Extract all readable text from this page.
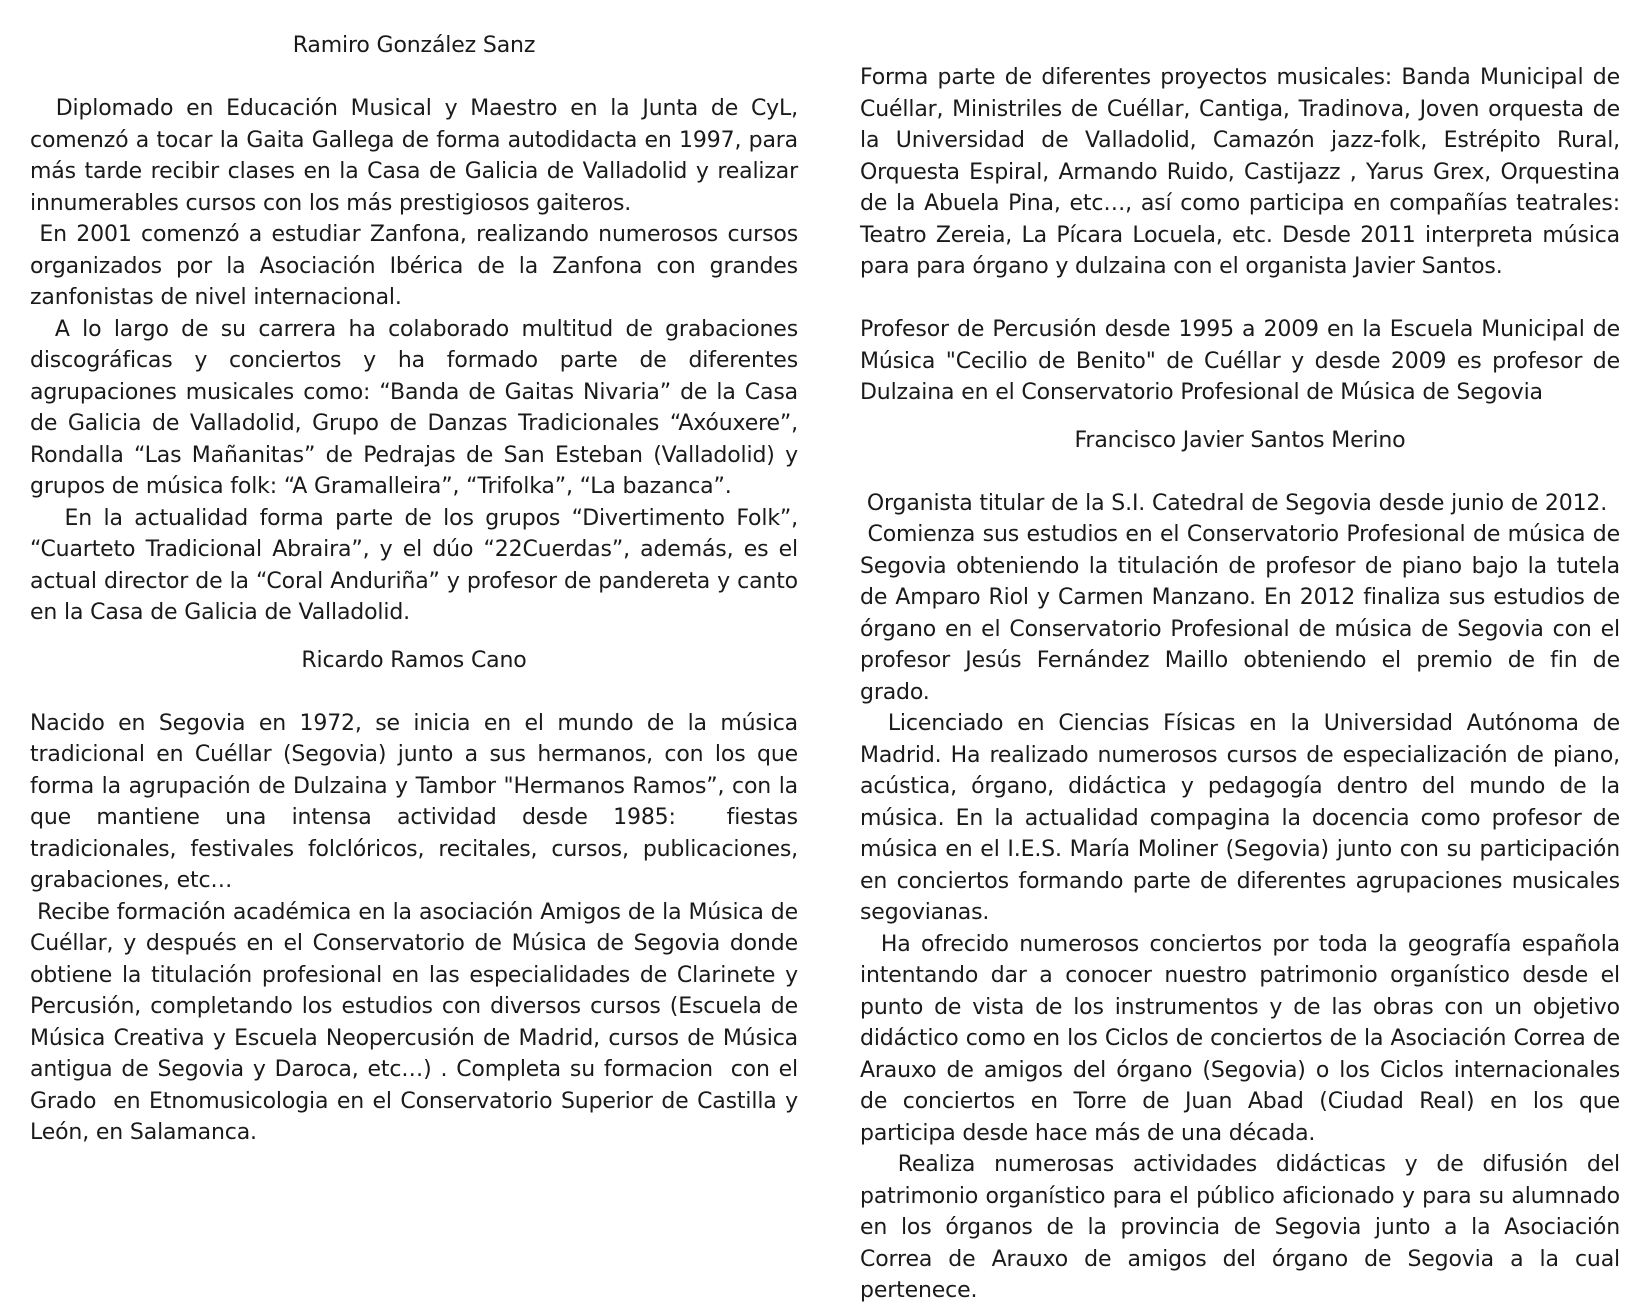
Ramiro González Sanz

Diplomado en Educación Musical y Maestro en la Junta de CyL, comenzó a tocar la Gaita Gallega de forma autodidacta en 1997, para más tarde recibir clases en la Casa de Galicia de Valladolid y realizar innumerables cursos con los más prestigiosos gaiteros.

En 2001 comenzó a estudiar Zanfona, realizando numerosos cursos organizados por la Asociación Ibérica de la Zanfona con grandes zanfonistas de nivel internacional.

A lo largo de su carrera ha colaborado multitud de grabaciones discográficas y conciertos y ha formado parte de diferentes agrupaciones musicales como: “Banda de Gaitas Nivaria” de la Casa de Galicia de Valladolid, Grupo de Danzas Tradicionales “Axóuxere”, Rondalla “Las Mañanitas” de Pedrajas de San Esteban (Valladolid) y grupos de música folk: “A Gramalleira”, “Trifolka”, “La bazanca”.

En la actualidad forma parte de los grupos “Divertimento Folk”, “Cuarteto Tradicional Abraira”, y el dúo “22Cuerdas”, además, es el actual director de la “Coral Anduriña” y profesor de pandereta y canto en la Casa de Galicia de Valladolid.

Ricardo Ramos Cano

Nacido en Segovia en 1972, se inicia en el mundo de la música tradicional en Cuéllar (Segovia) junto a sus hermanos, con los que forma la agrupación de Dulzaina y Tambor "Hermanos Ramos”, con la que mantiene una intensa actividad desde 1985:  fiestas tradicionales, festivales folclóricos, recitales, cursos, publicaciones, grabaciones, etc…

Recibe formación académica en la asociación Amigos de la Música de Cuéllar, y después en el Conservatorio de Música de Segovia donde obtiene la titulación profesional en las especialidades de Clarinete y Percusión, completando los estudios con diversos cursos (Escuela de Música Creativa y Escuela Neopercusión de Madrid, cursos de Música antigua de Segovia y Daroca, etc…) . Completa su formacion  con el Grado  en Etnomusicologia en el Conservatorio Superior de Castilla y León, en Salamanca.

Forma parte de diferentes proyectos musicales: Banda Municipal de Cuéllar, Ministriles de Cuéllar, Cantiga, Tradinova, Joven orquesta de la Universidad de Valladolid, Camazón jazz-folk, Estrépito Rural, Orquesta Espiral, Armando Ruido, Castijazz , Yarus Grex, Orquestina de la Abuela Pina, etc…, así como participa en compañías teatrales: Teatro Zereia, La Pícara Locuela, etc. Desde 2011 interpreta música para para órgano y dulzaina con el organista Javier Santos.

Profesor de Percusión desde 1995 a 2009 en la Escuela Municipal de Música "Cecilio de Benito" de Cuéllar y desde 2009 es profesor de Dulzaina en el Conservatorio Profesional de Música de Segovia

Francisco Javier Santos Merino

Organista titular de la S.I. Catedral de Segovia desde junio de 2012.

Comienza sus estudios en el Conservatorio Profesional de música de Segovia obteniendo la titulación de profesor de piano bajo la tutela de Amparo Riol y Carmen Manzano. En 2012 finaliza sus estudios de órgano en el Conservatorio Profesional de música de Segovia con el profesor Jesús Fernández Maillo obteniendo el premio de fin de grado.

Licenciado en Ciencias Físicas en la Universidad Autónoma de Madrid. Ha realizado numerosos cursos de especialización de piano, acústica, órgano, didáctica y pedagogía dentro del mundo de la música. En la actualidad compagina la docencia como profesor de música en el I.E.S. María Moliner (Segovia) junto con su participación en conciertos formando parte de diferentes agrupaciones musicales segovianas.

Ha ofrecido numerosos conciertos por toda la geografía española intentando dar a conocer nuestro patrimonio organístico desde el punto de vista de los instrumentos y de las obras con un objetivo didáctico como en los Ciclos de conciertos de la Asociación Correa de Arauxo de amigos del órgano (Segovia) o los Ciclos internacionales de conciertos en Torre de Juan Abad (Ciudad Real) en los que participa desde hace más de una década.

Realiza numerosas actividades didácticas y de difusión del patrimonio organístico para el público aficionado y para su alumnado en los órganos de la provincia de Segovia junto a la Asociación Correa de Arauxo de amigos del órgano de Segovia a la cual pertenece.
